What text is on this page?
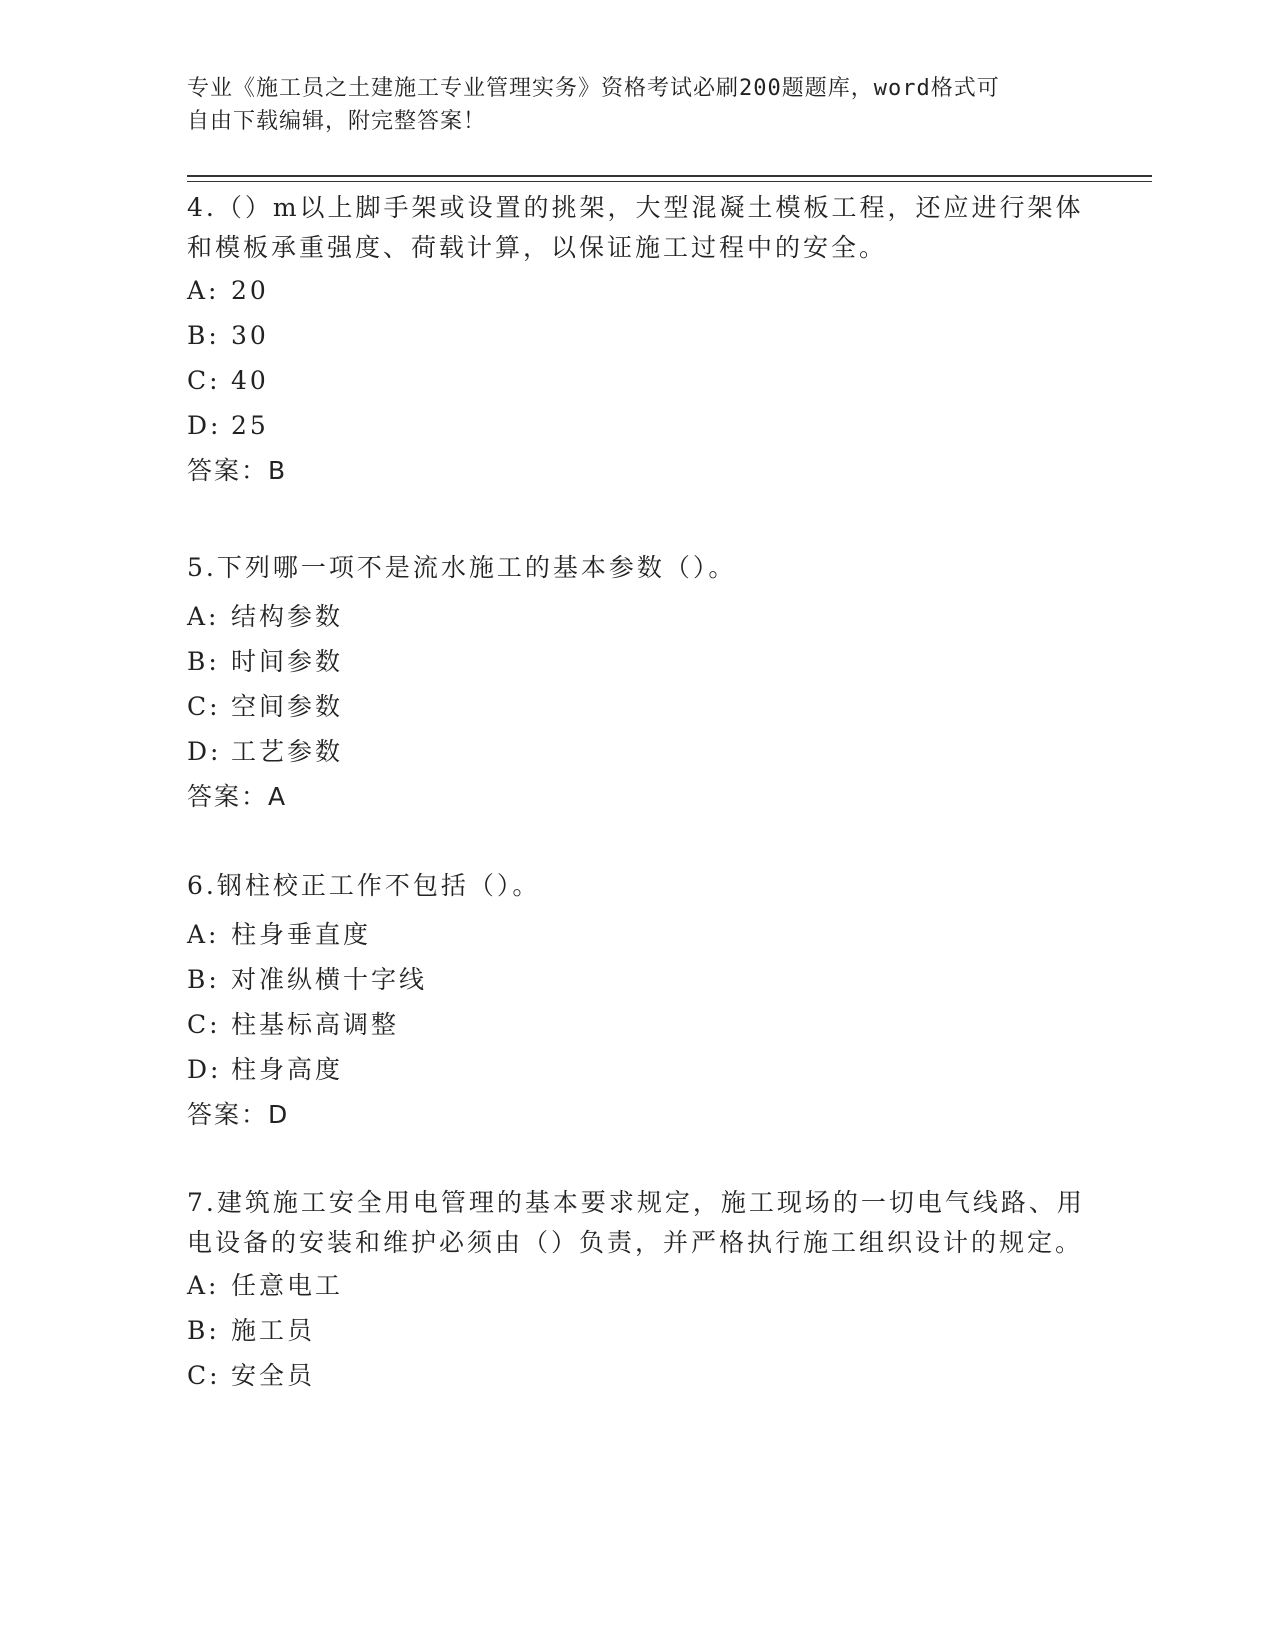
专业《施工员之土建施工专业管理实务》资格考试必刷200题题库，word格式可
自由下载编辑，附完整答案！

4.（）m以上脚手架或设置的挑架，大型混凝土模板工程，还应进行架体和模板承重强度、荷载计算，以保证施工过程中的安全。

A: 20

B: 30

C: 40

D: 25

答案：B

5.下列哪一项不是流水施工的基本参数（）。

A: 结构参数

B: 时间参数

C: 空间参数

D: 工艺参数

答案：A

6.钢柱校正工作不包括（）。

A: 柱身垂直度

B: 对准纵横十字线

C: 柱基标高调整

D: 柱身高度

答案：D

7.建筑施工安全用电管理的基本要求规定，施工现场的一切电气线路、用电设备的安装和维护必须由（）负责，并严格执行施工组织设计的规定。

A: 任意电工

B: 施工员

C: 安全员
